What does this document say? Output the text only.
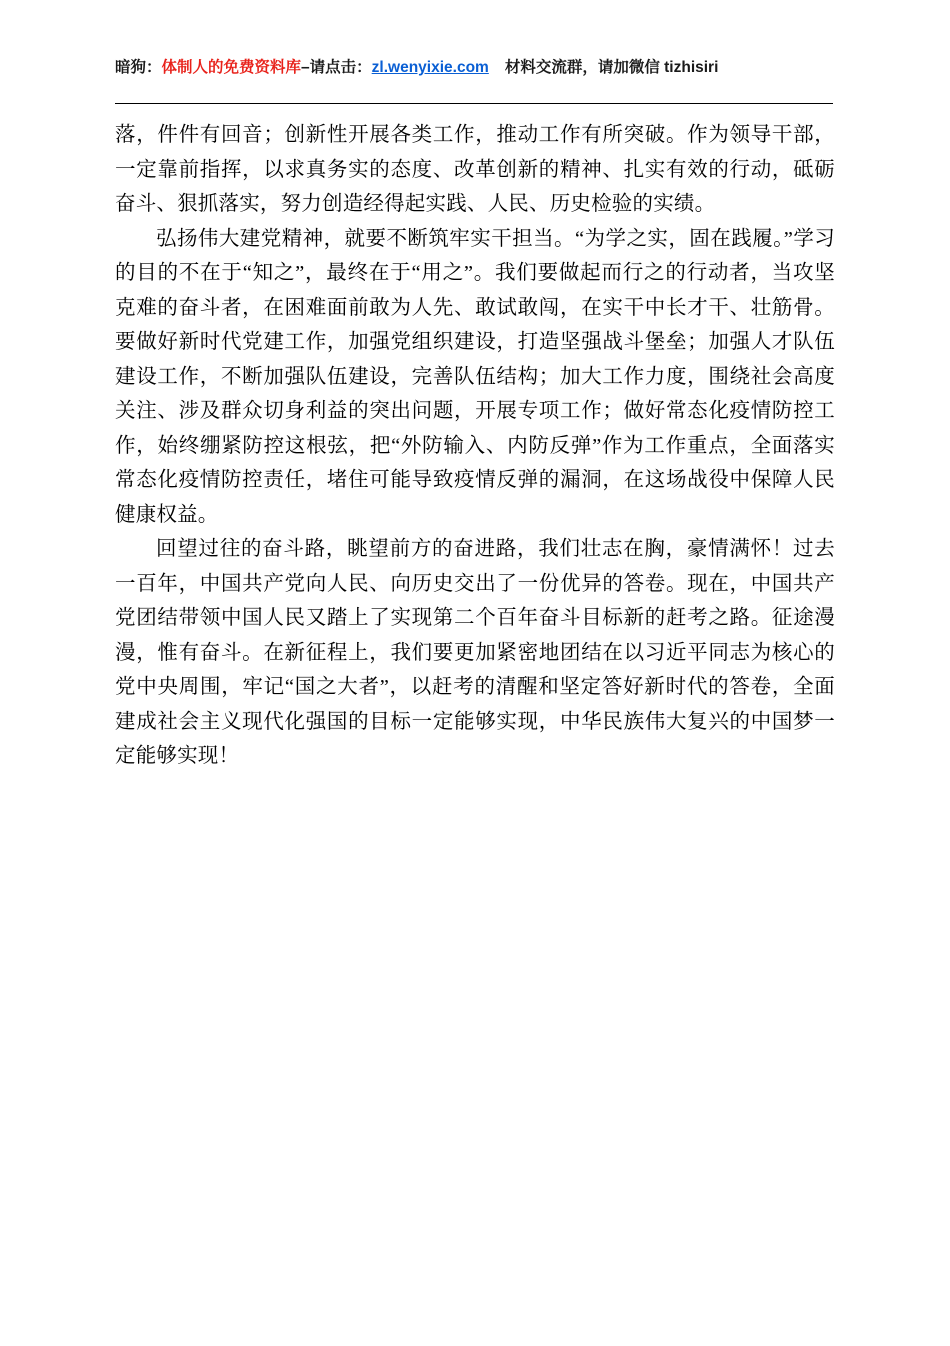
暗狗： 体制人的免费资料库 –请点击： zl.wenyixie.com 材料交流群，请加微信 tizhisiri

落，件件有回音；创新性开展各类工作，推动工作有所突破。作为领导干部，一定靠前指挥，以求真务实的态度、改革创新的精神、扎实有效的行动，砥砺奋斗、狠抓落实，努力创造经得起实践、人民、历史检验的实绩。

弘扬伟大建党精神，就要不断筑牢实干担当。“为学之实，固在践履。”学习的目的不在于“知之”，最终在于“用之”。我们要做起而行之的行动者，当攻坚克难的奋斗者，在困难面前敢为人先、敢试敢闯，在实干中长才干、壮筋骨。要做好新时代党建工作，加强党组织建设，打造坚强战斗堡垒；加强人才队伍建设工作，不断加强队伍建设，完善队伍结构；加大工作力度，围绕社会高度关注、涉及群众切身利益的突出问题，开展专项工作；做好常态化疫情防控工作，始终绷紧防控这根弦，把“外防输入、内防反弹”作为工作重点，全面落实常态化疫情防控责任，堵住可能导致疫情反弹的漏洞，在这场战役中保障人民健康权益。

回望过往的奋斗路，眺望前方的奋进路，我们壮志在胸，豪情满怀！过去一百年，中国共产党向人民、向历史交出了一份优异的答卷。现在，中国共产党团结带领中国人民又踏上了实现第二个百年奋斗目标新的赶考之路。征途漫漫，惟有奋斗。在新征程上，我们要更加紧密地团结在以习近平同志为核心的党中央周围，牢记“国之大者”，以赶考的清醒和坚定答好新时代的答卷，全面建成社会主义现代化强国的目标一定能够实现，中华民族伟大复兴的中国梦一定能够实现！
